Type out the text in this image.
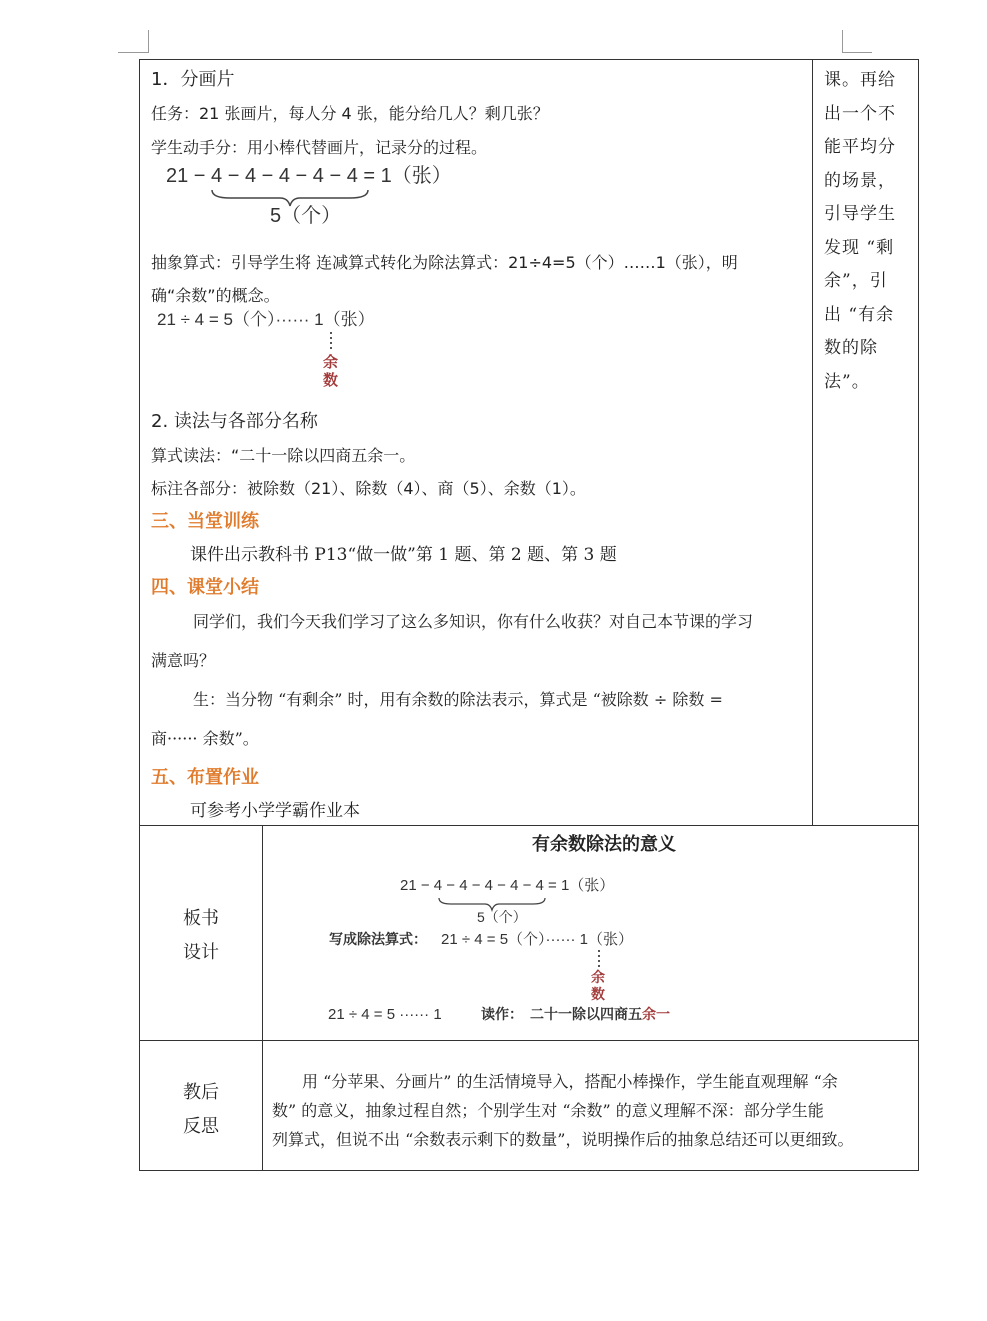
1．分画片
任务：21 张画片，每人分 4 张，能分给几人？剩几张？
学生动手分：用小棒代替画片，记录分的过程。
21 − 4 − 4 − 4 − 4 − 4 = 1（张）
5（个）
抽象算式：引导学生将 连减算式转化为除法算式：21÷4=5（个）……1（张），明
确“余数”的概念。
21 ÷ 4 = 5（个）······ 1（张）
余
数
2. 读法与各部分名称
算式读法：“二十一除以四商五余一。
标注各部分：被除数（21）、除数（4）、商（5）、余数（1）。
三、当堂训练
课件出示教科书 P13“做一做”第 1 题、第 2 题、第 3 题
四、课堂小结
同学们，我们今天我们学习了这么多知识，你有什么收获？对自己本节课的学习
满意吗？
生：当分物 “有剩余” 时，用有余数的除法表示，算式是 “被除数 ÷ 除数 =
商······ 余数”。
五、布置作业
可参考小学学霸作业本
课。再给
出一个不
能平均分
的场景，
引导学生
发现 “剩
余”，引
出 “有余
数的除
法”。
板书
设计
有余数除法的意义
21 − 4 − 4 − 4 − 4 − 4 = 1（张）
5（个）
写成除法算式： 21 ÷ 4 = 5（个）······ 1（张）
余
数
21 ÷ 4 = 5 ······ 1	读作： 二十一除以四商五余一
教后
反思
用 “分苹果、分画片” 的生活情境导入，搭配小棒操作，学生能直观理解 “余
数” 的意义，抽象过程自然；个别学生对 “余数” 的意义理解不深：部分学生能
列算式，但说不出 “余数表示剩下的数量”，说明操作后的抽象总结还可以更细致。
